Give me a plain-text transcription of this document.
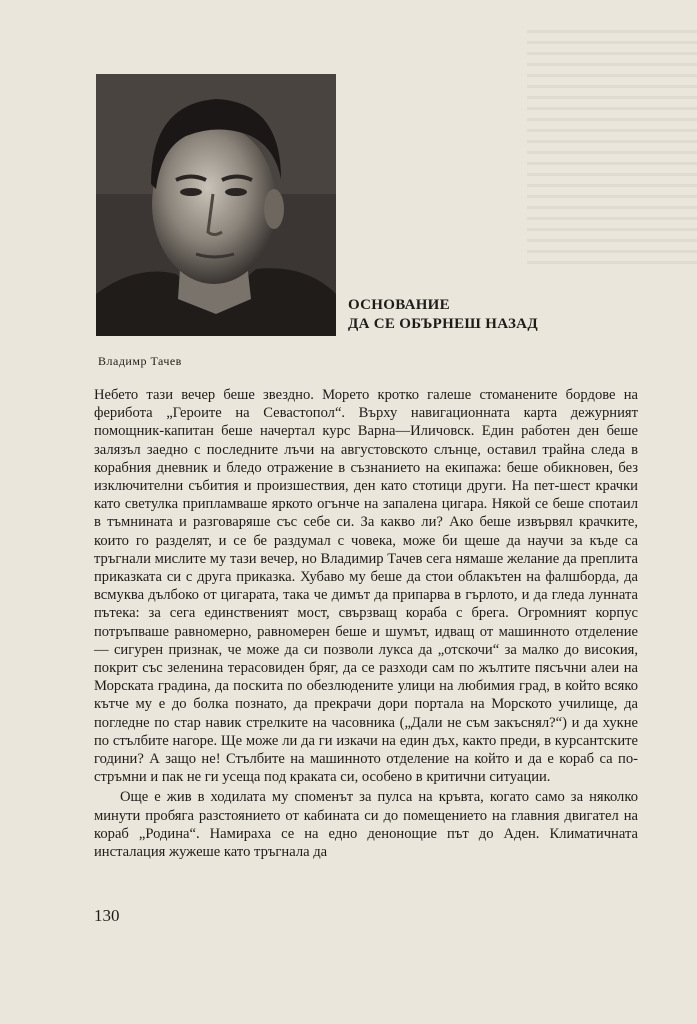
ОСНОВАНИЕ
ДА СЕ ОБЪРНЕШ НАЗАД
Владимр Тачев

Небето тази вечер беше звездно. Морето кротко галеше стоманените бордове на ферибота „Героите на Севастопол“. Върху навигационната карта дежурният помощник-капитан беше начертал курс Варна—Иличовск. Един работен ден беше залязъл заедно с последните лъчи на августовското слънце, оставил трайна следа в корабния дневник и бледо отражение в съзнанието на екипажа: беше обикновен, без изключителни събития и произшествия, ден като стотици други. На пет-шест крачки като светулка припламваше яркото огънче на запалена цигара. Някой се беше спотаил в тъмнината и разговаряше със себе си. За какво ли? Ако беше извървял крачките, които го разделят, и се бе раздумал с човека, може би щеше да научи за къде са тръгнали мислите му тази вечер, но Владимир Тачев сега нямаше желание да преплита приказката си с друга приказка. Хубаво му беше да стои облакътен на фалшборда, да всмуква дълбоко от цигарата, така че димът да припарва в гърлото, и да гледа лунната пътека: за сега единственият мост, свързващ кораба с брега. Огромният корпус потръпваше равномерно, равномерен беше и шумът, идващ от машинното отделение — сигурен признак, че може да си позволи лукса да „отскочи“ за малко до високия, покрит със зеленина терасовиден бряг, да се разходи сам по жълтите пясъчни алеи на Морската градина, да поскита по обезлюдените улици на любимия град, в който всяко кътче му е до болка познато, да прекрачи дори портала на Морското училище, да погледне по стар навик стрелките на часовника („Дали не съм закъснял?“) и да хукне по стълбите нагоре. Ще може ли да ги изкачи на един дъх, както преди, в курсантските години? А защо не! Стълбите на машинното отделение на който и да е кораб са по-стръмни и пак не ги усеща под краката си, особено в критични ситуации.

Още е жив в ходилата му споменът за пулса на кръвта, когато само за няколко минути пробяга разстоянието от кабината си до помещението на главния двигател на кораб „Родина“. Намираха се на едно денонощие път до Аден. Климатичната инсталация жужеше като тръгнала да

130
